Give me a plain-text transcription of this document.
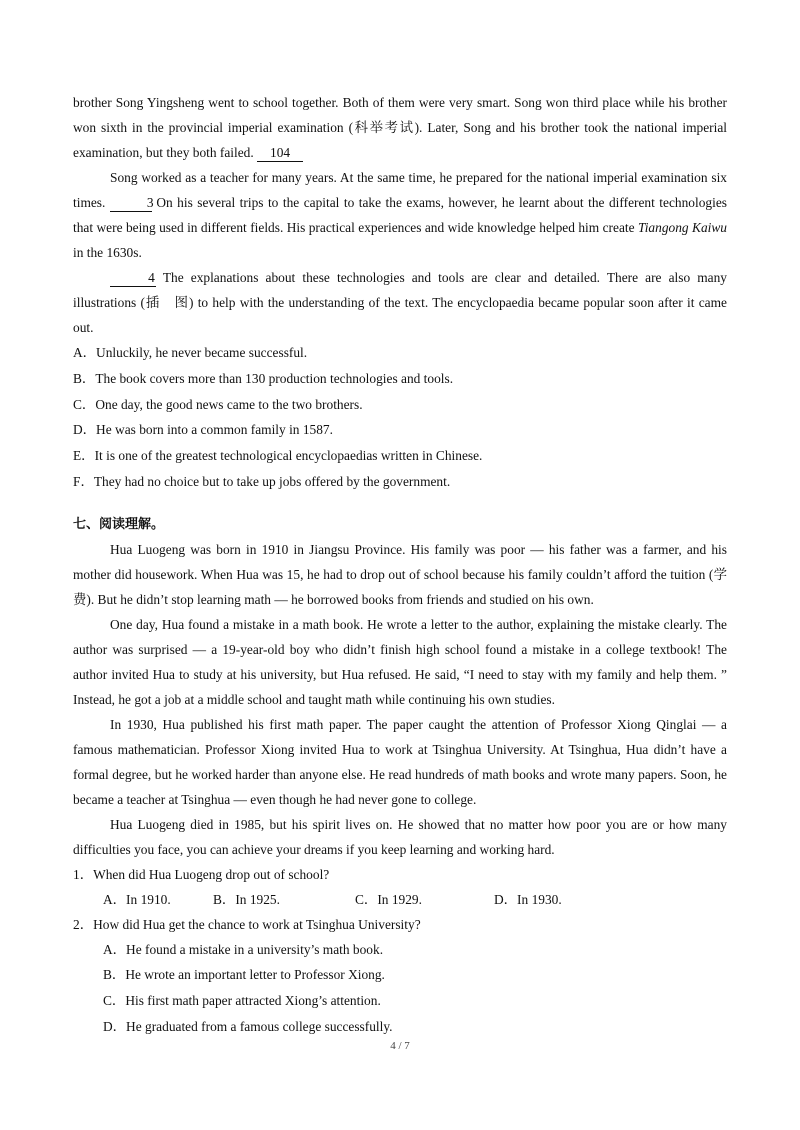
brother Song Yingsheng went to school together. Both of them were very smart. Song won third place while his brother won sixth in the provincial imperial examination (科举考试). Later, Song and his brother took the national imperial examination, but they both failed. 104

Song worked as a teacher for many years. At the same time, he prepared for the national imperial examination six times.	3 On his several trips to the capital to take the exams, however, he learnt about the different technologies that were being used in different fields. His practical experiences and wide knowledge helped him create Tiangong Kaiwu in the 1630s.

4 The explanations about these technologies and tools are clear and detailed. There are also many illustrations (插　图) to help with the understanding of the text. The encyclopaedia became popular soon after it came out.

A．Unluckily, he never became successful.
B．The book covers more than 130 production technologies and tools.
C．One day, the good news came to the two brothers.
D．He was born into a common family in 1587.
E．It is one of the greatest technological encyclopaedias written in Chinese.
F．They had no choice but to take up jobs offered by the government.
七、阅读理解。

Hua Luogeng was born in 1910 in Jiangsu Province. His family was poor — his father was a farmer, and his mother did housework. When Hua was 15, he had to drop out of school because his family couldn’t afford the tuition (学费). But he didn’t stop learning math — he borrowed books from friends and studied on his own.

One day, Hua found a mistake in a math book. He wrote a letter to the author, explaining the mistake clearly. The author was surprised — a 19-year-old boy who didn’t finish high school found a mistake in a college textbook! The author invited Hua to study at his university, but Hua refused. He said, “I need to stay with my family and help them. ” Instead, he got a job at a middle school and taught math while continuing his own studies.

In 1930, Hua published his first math paper. The paper caught the attention of Professor Xiong Qinglai — a famous mathematician. Professor Xiong invited Hua to work at Tsinghua University. At Tsinghua, Hua didn’t have a formal degree, but he worked harder than anyone else. He read hundreds of math books and wrote many papers. Soon, he became a teacher at Tsinghua — even though he had never gone to college.

Hua Luogeng died in 1985, but his spirit lives on. He showed that no matter how poor you are or how many difficulties you face, you can achieve your dreams if you keep learning and working hard.

1．When did Hua Luogeng drop out of school?
A．In 1910.	B．In 1925.	C．In 1929.	D．In 1930.
2．How did Hua get the chance to work at Tsinghua University?
A．He found a mistake in a university’s math book.
B．He wrote an important letter to Professor Xiong.
C．His first math paper attracted Xiong’s attention.
D．He graduated from a famous college successfully.
4 / 7
